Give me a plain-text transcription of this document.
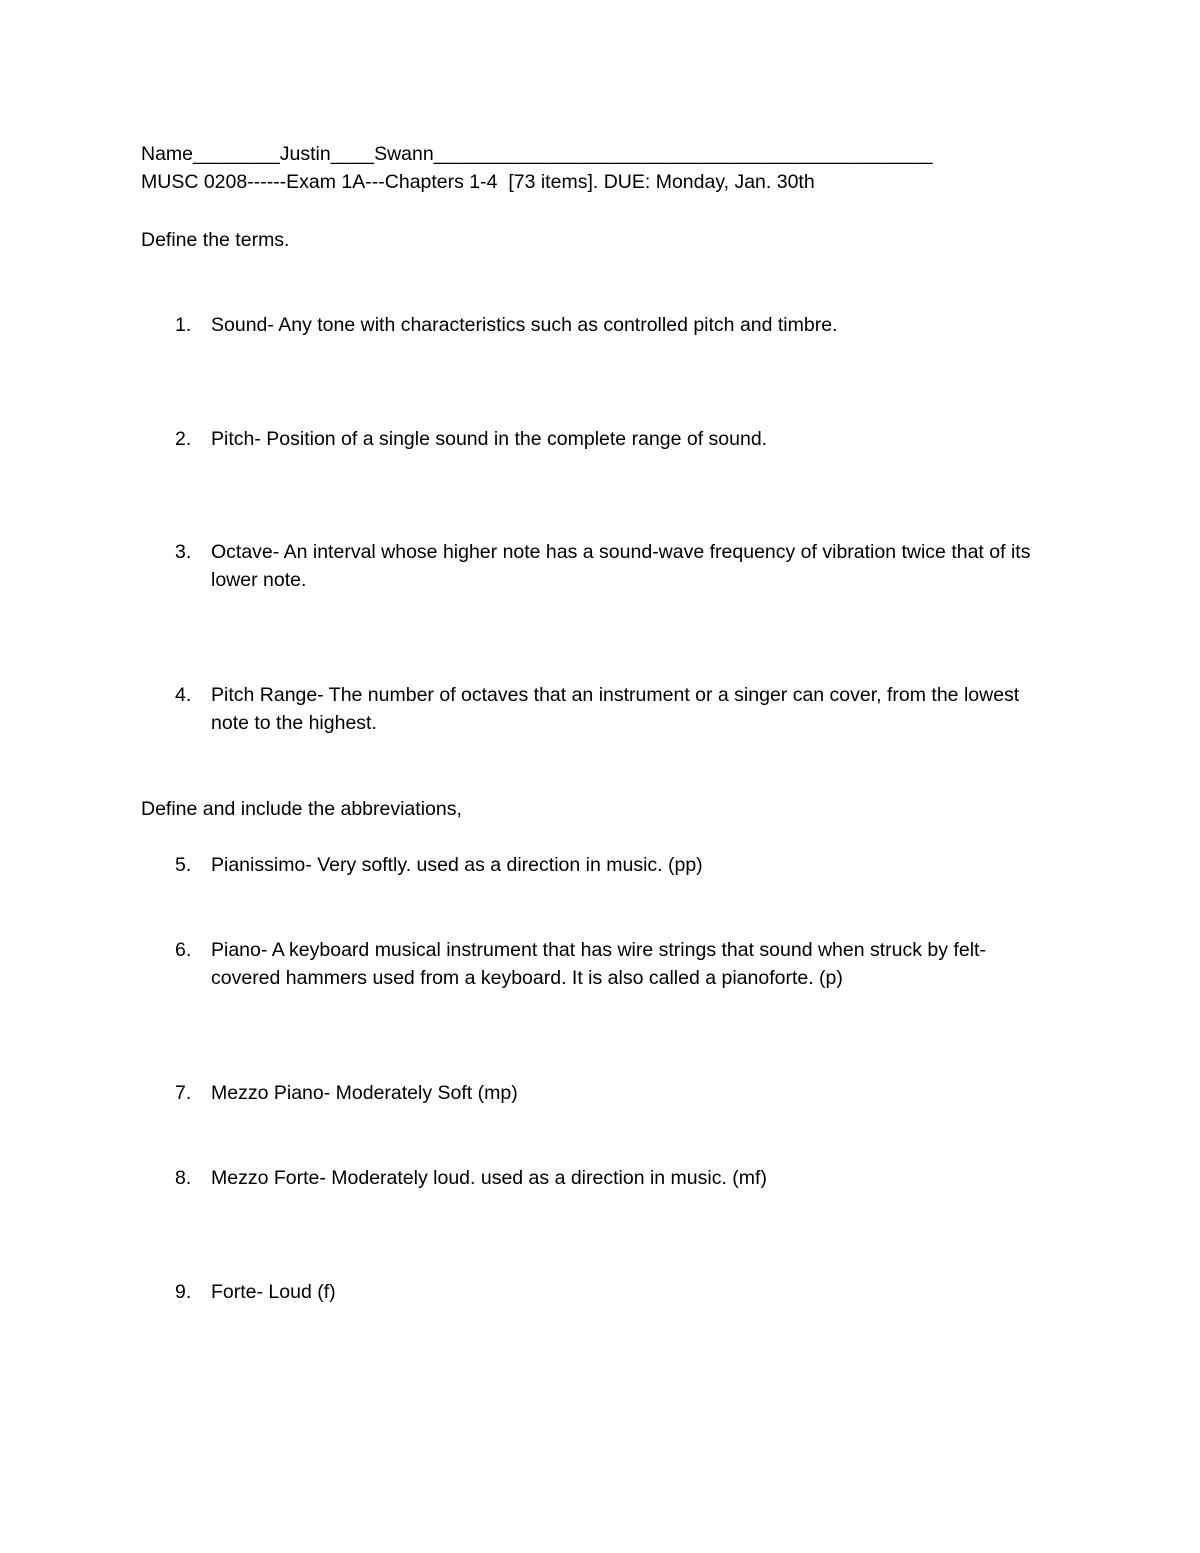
Name________Justin____Swann______________________________________________

MUSC 0208------Exam 1A---Chapters 1-4  [73 items]. DUE: Monday, Jan. 30th

Define the terms.

1. Sound- Any tone with characteristics such as controlled pitch and timbre.
2. Pitch- Position of a single sound in the complete range of sound.
3. Octave- An interval whose higher note has a sound-wave frequency of vibration twice that of its lower note.
4. Pitch Range- The number of octaves that an instrument or a singer can cover, from the lowest note to the highest.

Define and include the abbreviations,

5. Pianissimo- Very softly. used as a direction in music. (pp)
6. Piano- A keyboard musical instrument that has wire strings that sound when struck by felt-covered hammers used from a keyboard. It is also called a pianoforte. (p)
7. Mezzo Piano- Moderately Soft (mp)
8. Mezzo Forte- Moderately loud. used as a direction in music. (mf)
9. Forte- Loud (f)
